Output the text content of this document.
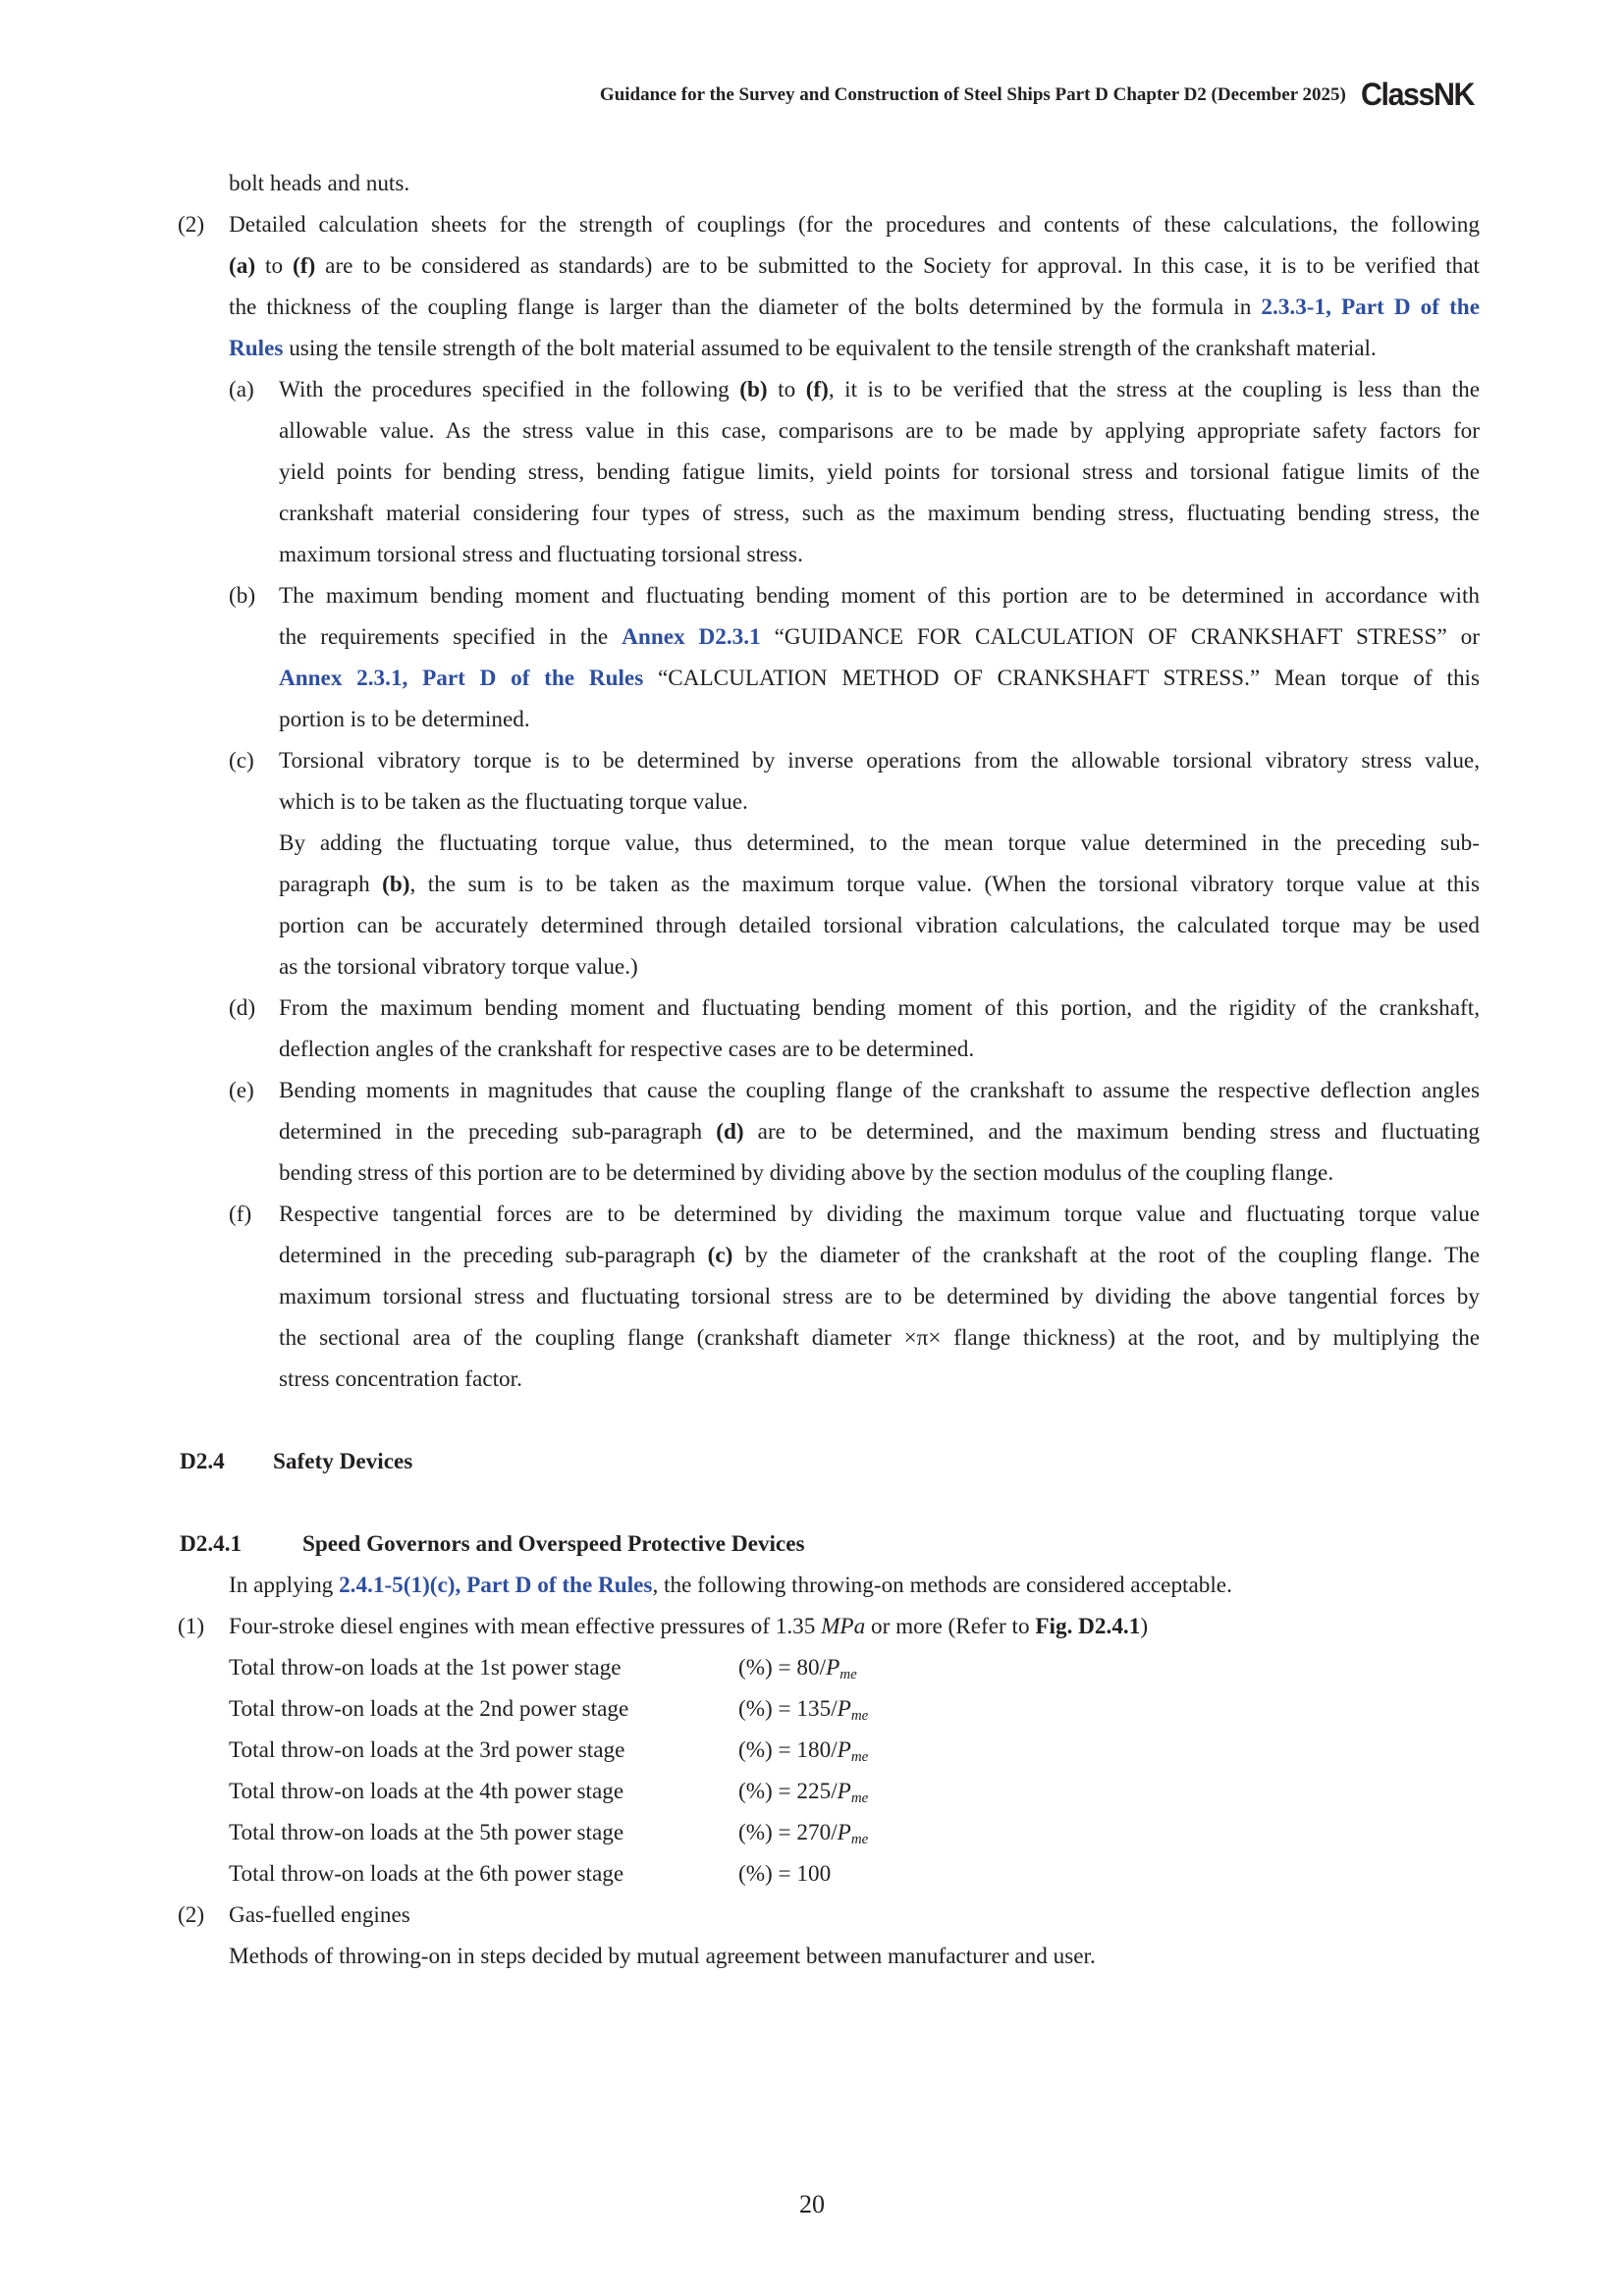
Guidance for the Survey and Construction of Steel Ships Part D Chapter D2 (December 2025) ClassNK
bolt heads and nuts.
(2) Detailed calculation sheets for the strength of couplings (for the procedures and contents of these calculations, the following
(a) to (f) are to be considered as standards) are to be submitted to the Society for approval. In this case, it is to be verified that
the thickness of the coupling flange is larger than the diameter of the bolts determined by the formula in 2.3.3-1, Part D of the
Rules using the tensile strength of the bolt material assumed to be equivalent to the tensile strength of the crankshaft material.
(a) With the procedures specified in the following (b) to (f), it is to be verified that the stress at the coupling is less than the
allowable value. As the stress value in this case, comparisons are to be made by applying appropriate safety factors for
yield points for bending stress, bending fatigue limits, yield points for torsional stress and torsional fatigue limits of the
crankshaft material considering four types of stress, such as the maximum bending stress, fluctuating bending stress, the
maximum torsional stress and fluctuating torsional stress.
(b) The maximum bending moment and fluctuating bending moment of this portion are to be determined in accordance with
the requirements specified in the Annex D2.3.1 “GUIDANCE FOR CALCULATION OF CRANKSHAFT STRESS” or
Annex 2.3.1, Part D of the Rules “CALCULATION METHOD OF CRANKSHAFT STRESS.” Mean torque of this
portion is to be determined.
(c) Torsional vibratory torque is to be determined by inverse operations from the allowable torsional vibratory stress value,
which is to be taken as the fluctuating torque value.
By adding the fluctuating torque value, thus determined, to the mean torque value determined in the preceding sub-
paragraph (b), the sum is to be taken as the maximum torque value. (When the torsional vibratory torque value at this
portion can be accurately determined through detailed torsional vibration calculations, the calculated torque may be used
as the torsional vibratory torque value.)
(d) From the maximum bending moment and fluctuating bending moment of this portion, and the rigidity of the crankshaft,
deflection angles of the crankshaft for respective cases are to be determined.
(e) Bending moments in magnitudes that cause the coupling flange of the crankshaft to assume the respective deflection angles
determined in the preceding sub-paragraph (d) are to be determined, and the maximum bending stress and fluctuating
bending stress of this portion are to be determined by dividing above by the section modulus of the coupling flange.
(f) Respective tangential forces are to be determined by dividing the maximum torque value and fluctuating torque value
determined in the preceding sub-paragraph (c) by the diameter of the crankshaft at the root of the coupling flange. The
maximum torsional stress and fluctuating torsional stress are to be determined by dividing the above tangential forces by
the sectional area of the coupling flange (crankshaft diameter ×π× flange thickness) at the root, and by multiplying the
stress concentration factor.
D2.4 Safety Devices
D2.4.1	Speed Governors and Overspeed Protective Devices
In applying 2.4.1-5(1)(c), Part D of the Rules, the following throwing-on methods are considered acceptable.
(1) Four-stroke diesel engines with mean effective pressures of 1.35 MPa or more (Refer to Fig. D2.4.1)
Total throw-on loads at the 1st power stage	(%) = $80/P_{me}$
Total throw-on loads at the 2nd power stage	(%) = $135/P_{me}$
Total throw-on loads at the 3rd power stage	(%) = $180/P_{me}$
Total throw-on loads at the 4th power stage	(%) = $225/P_{me}$
Total throw-on loads at the 5th power stage	(%) = $270/P_{me}$
Total throw-on loads at the 6th power stage	(%) = 100
(2) Gas-fuelled engines
Methods of throwing-on in steps decided by mutual agreement between manufacturer and user.
20
